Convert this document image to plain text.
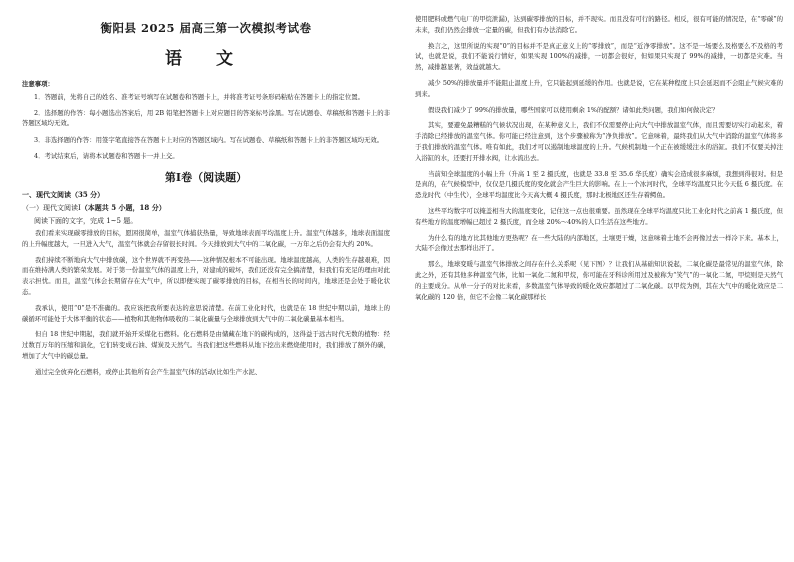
衡阳县 2025 届高三第一次模拟考试卷
语 文
注意事项：

1．答题前，先将自己的姓名、准考证号填写在试题卷和答题卡上，并将准考证号条形码粘贴在答题卡上的指定位置。

2．选择题的作答：每小题选出答案后，用 2B 铅笔把答题卡上对应题目的答案标号涂黑。写在试题卷、草稿纸和答题卡上的非答题区域均无效。

3．非选择题的作答：用签字笔直接答在答题卡上对应的答题区域内。写在试题卷、草稿纸和答题卡上的非答题区域均无效。

4．考试结束后，请将本试题卷和答题卡一并上交。

第Ⅰ卷（阅读题）
一、现代文阅读（35 分）
（一）现代文阅读Ⅰ（本题共 5 小题，18 分）
阅读下面的文字，完成 1~5 题。

我们看来实现碳零排放的目标，愿困很简单，温室气体捕获热量，导致地球表面平均温度上升。温室气体越多，地球表面温度的上升幅度越大，一旦进入大气，温室气体就会存留很长时间。今天排放到大气中的二氧化碳，一万年之后仍会有大约 20%。

我们持续不断地向大气中排放碳，这个世界就不再变热——这种情况根本不可能出现。地球温度越高，人类的生存越艰难，因而在维持满人类的繁荣发展。对于第一份温室气体的温度上升，对建成的破坏，我们还没有完全搞清楚，但我们有充足的理由对此表示担忧。而且，温室气体会长期留存在大气中，所以即便实现了碳零排放的目标，在相当长的时间内，地球还是会处于暖化状态。

我承认，使用“0”是不准确的。我应该把我所要表达的意思说清楚。在前工业化时代，也就是在 18 世纪中期以前，地球上的碳循环可能处于大体平衡的状态——植物和其他物体吸收的二氧化碳量与全球排放到大气中的二氧化碳量基本相当。

但自 18 世纪中期起，我们就开始开采煤化石燃料。化石燃料是由储藏在地下的碳构成的，这得益于远古时代无数的植物：经过数百万年的压缩和演化，它们转变成石油、煤炭及天然气。当我们把这些燃料从地下挖出来燃烧使用时，我们排放了额外的碳，增加了大气中的碳总量。

通过完全放弃化石燃料，或停止其他所有会产生温室气体的活动(比如生产水泥、

使用肥料或燃气电厂的甲烷泄漏)，达到碳零排放的目标，并不现实。而且没有可行的路径。相反，很有可能的情况是，在“零碳”的未来，我们仍然会排放一定量的碳，但我们有办法消除它。

换言之，这里所说的实现“0”的目标并不是真正意义上的“零排放”，而是“近净零排放”。这不是一场要么及格要么不及格的考试，也就是说，我们不能说行情好，如果实现 100%的减排，一切都会很好，但如果只实现了 99%的减排，一切都是灾难。当然，减排越显著，效益就越大。

减少 50%的排放量并不能阻止温度上升，它只能起到延缓的作用。也就是说，它在某种程度上只会延迟而不会阻止气候灾难的到来。

假设我们减少了 99%的排放量，哪些国家可以使用剩余 1%的配额？诸如此类问题，我们如何做决定？

其实，要避免最糟糕的气候状况出现，在某种意义上，我们不仅需要停止向大气中排放温室气体，而且需要切实行动起来，着手消除已经排放的温室气体。你可能已经注意到，这个步骤被称为“净负排放”。它意味着，最终我们从大气中消除的温室气体将多于我们排放的温室气体。唯有如此，我们才可以遏制地球温度的上升。气候机制地一个正在被缓缓注水的浴缸。我们不仅要关掉注入浴缸的水，还要打开排水阀，让水流出去。

当前知全球温度的小幅上升（升高 1 至 2 摄氏度，也就是 33.8 至 35.6 华氏度）确实会造成很多麻烦，我想到得很对。但是是真的，在气候模型中，仅仅是几摄氏度的变化就会产生巨大的影响。在上一个冰河时代，全球平均温度只比今天低 6 摄氏度。在恐龙时代（中生代），全球平均温度比今天高大概 4 摄氏度，那时北极地区还生存着鳄鱼。

这些平均数字可以掩盖相当大的温度变化，记住这一点也很重要。虽然现在全球平均温度只比工业化时代之前高 1 摄氏度，但有些地方的温度增幅已超过 2 摄氏度，而全球 20%～40%的人口生活在这些地方。

为什么有的地方比其他地方更热呢？在一些大陆的内部地区，土壤更干燥，这意味着土地不会再像过去一样冷下来。基本上，大陆不会像过去那样出汗了。

那么，地球变暖与温室气体排放之间存在什么关系呢（见下图）？让我们从基础知识说起，二氧化碳是最常见的温室气体，除此之外，还有其他多种温室气体，比如一氧化二氮和甲烷，你可能在牙科诊所用过及被称为“笑气”的一氧化二氮，甲烷则是天然气的主要成分。从单一分子的对比来看，多数温室气体导致的暖化效应都超过了二氧化碳。以甲烷为例，其在大气中的暖化效应是二氧化碳的 120 倍，但它不会像二氧化碳那样长
